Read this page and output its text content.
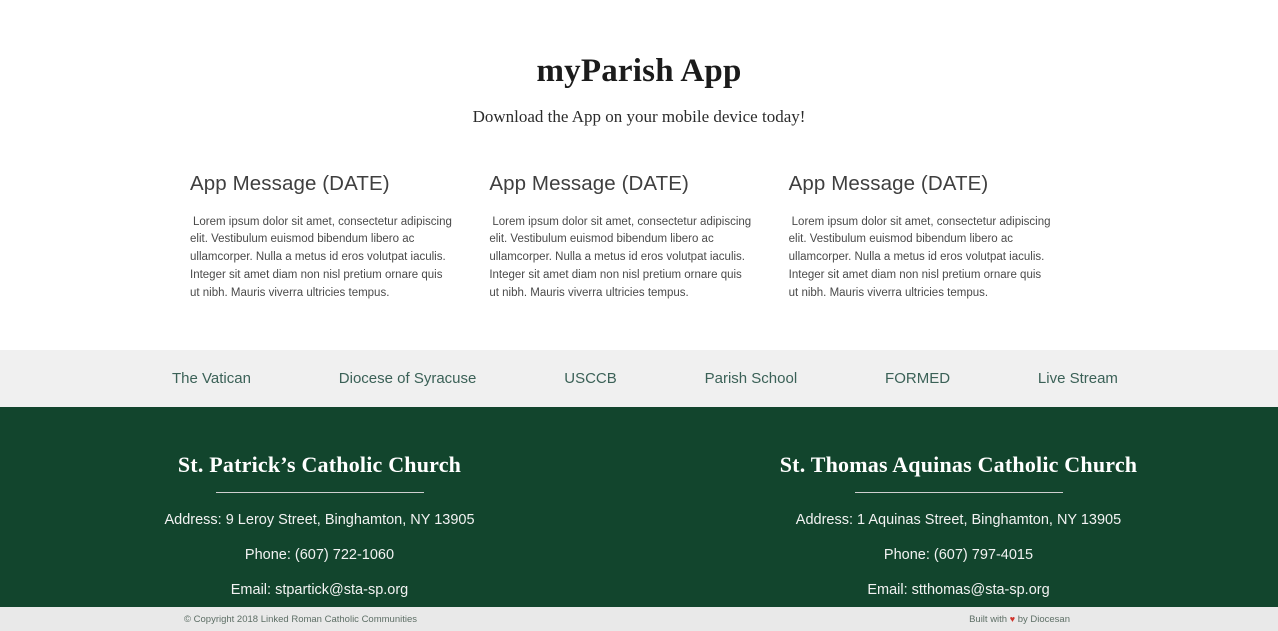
myParish App
Download the App on your mobile device today!
App Message (DATE)

Lorem ipsum dolor sit amet, consectetur adipiscing elit. Vestibulum euismod bibendum libero ac ullamcorper. Nulla a metus id eros volutpat iaculis. Integer sit amet diam non nisl pretium ornare quis ut nibh. Mauris viverra ultricies tempus.

App Message (DATE)

Lorem ipsum dolor sit amet, consectetur adipiscing elit. Vestibulum euismod bibendum libero ac ullamcorper. Nulla a metus id eros volutpat iaculis. Integer sit amet diam non nisl pretium ornare quis ut nibh. Mauris viverra ultricies tempus.

App Message (DATE)

Lorem ipsum dolor sit amet, consectetur adipiscing elit. Vestibulum euismod bibendum libero ac ullamcorper. Nulla a metus id eros volutpat iaculis. Integer sit amet diam non nisl pretium ornare quis ut nibh. Mauris viverra ultricies tempus.

The Vatican	Diocese of Syracuse	USCCB	Parish School	FORMED	Live Stream
St. Patrick’s Catholic Church
Address: 9 Leroy Street, Binghamton, NY 13905
Phone: (607) 722-1060
Email: stpartick@sta-sp.org
St. Thomas Aquinas Catholic Church
Address: 1 Aquinas Street, Binghamton, NY 13905
Phone: (607) 797-4015
Email: stthomas@sta-sp.org
© Copyright 2018 Linked Roman Catholic Communities	Built with ♥ by Diocesan
